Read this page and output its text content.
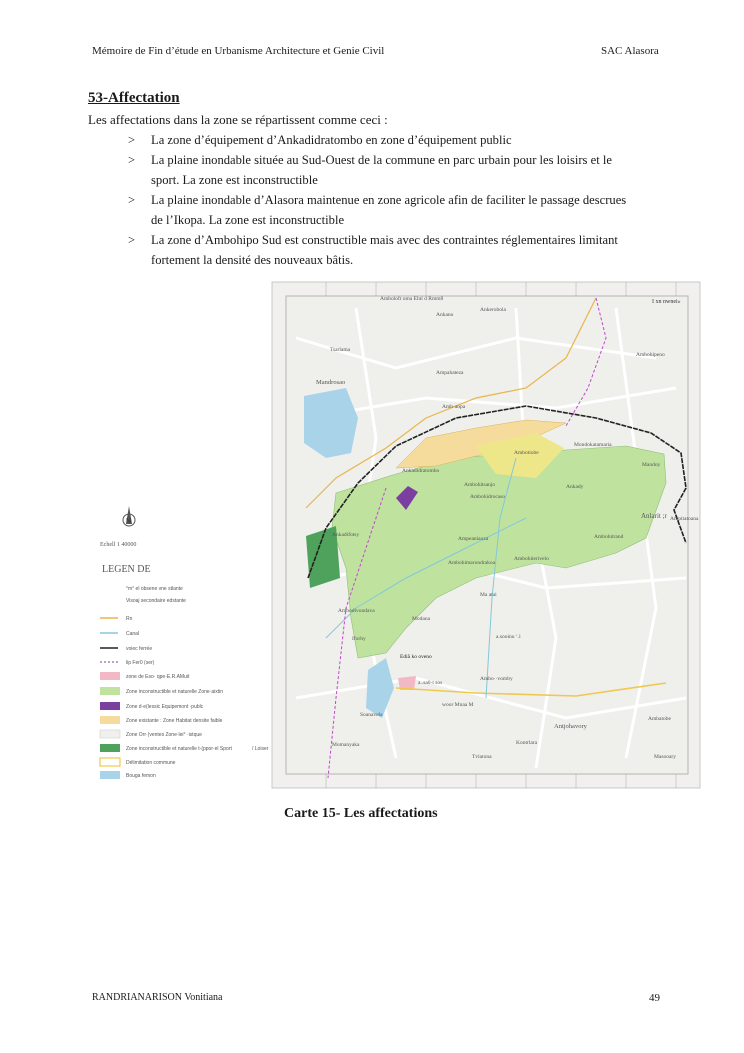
Mémoire de Fin d’étude en Urbanisme Architecture et Genie Civil	SAC Alasora
53-Affectation
Les affectations dans la zone se répartissent comme ceci :
> La zone d’équipement d’Ankadidratombo en zone d’équipement public
> La plaine inondable située au Sud-Ouest de la commune en parc urbain pour les loisirs et le
sport. La zone est inconstructible
> La plaine inondable d’Alasora maintenue en zone agricole afin de faciliter le passage descrues
de l’Ikopa. La zone est inconstructible
> La zone d’Ambohipo Sud est constructible mais avec des contraintes réglementaires limitant
fortement la densité des nouveaux bâtis.
Amboloft oma Ehti d Rmm8
Ankano
Ankerobola
I xn nwnei»
Tsarlama
Mandrosao
Ampahateza
Ambohipeno
Amb·anpa
Mondokatamaria
Ambotiobe
Ankadidratombo
Mandoy
Ambohitsanjo
Ambohidrocaso
Ankady
Anlarit ;r
Ankadifotsy
Ampeaniaoza	Ambohitrand
Ambohimarondrakoa
Ambohiterivelo
Ma atai
Ambodivondava
Modana
a.sooinu ‘.l
Iforhy
Ediã ko oveno
a..sa0·t sos
Ambo··vomby
Soanavela
woor Mnaa M
Antjohavory
Ambatobe
Momanyaka	Kontrlara
Tvlatona	Masooary
Ampitatoana
N
Echell 1 40000
LEGEN DE
°m° el obsene vne stlante
Visoaj secondaire edstante
Rn
Canal
voiec ferrée
lip Fer0 (ser)
zone de Eso· qpe·E.R.AMuit
Zone inconstructible et naturelle Zone·aixtin
Zone d·e(lessic Equipemont ·publc
Zone existante : Zone Habitat densite faible
Zone Orr·(ventes Zone·lei° ·istque
Zone inconstructible et naturelle t-(ppor·el Sport	/ Loiser
Délimitation commune
Bouga femon
Carte 15- Les affectations
RANDRIANARISON Vonitiana	49
